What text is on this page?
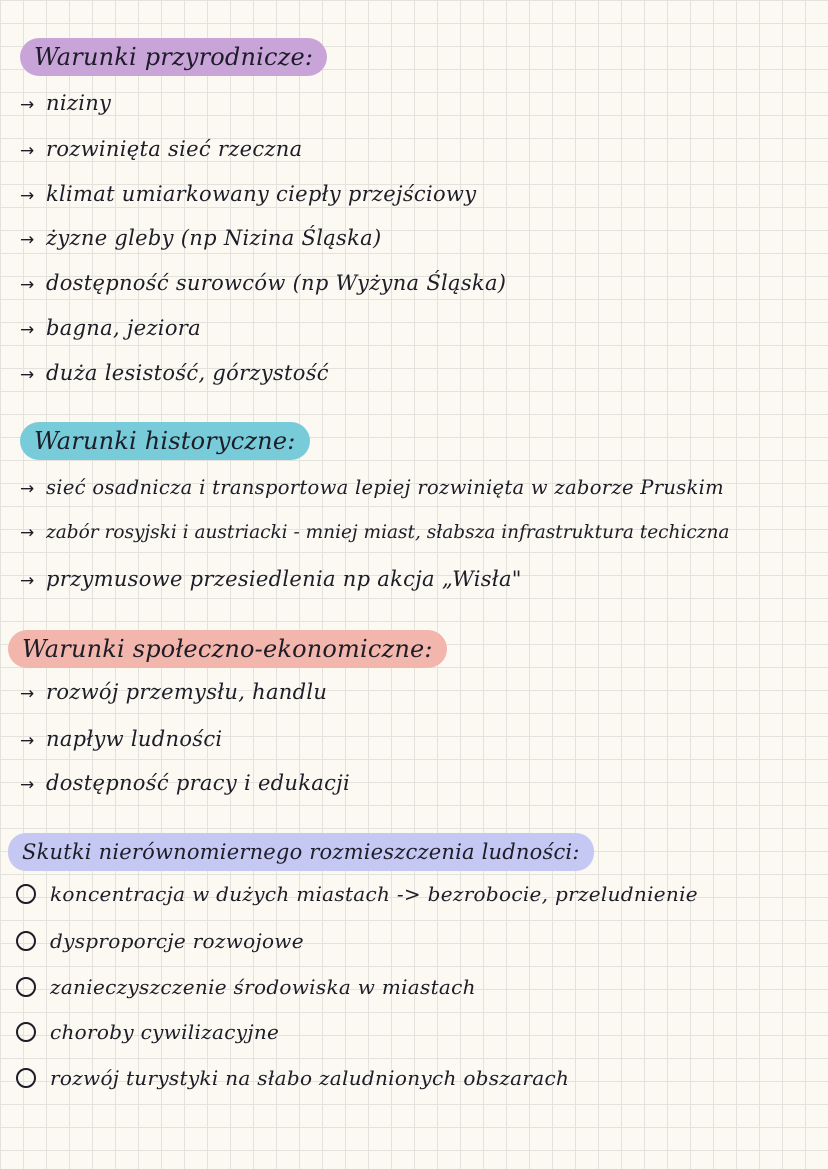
Warunki przyrodnicze:
→ niziny
→ rozwinięta sieć rzeczna
→ klimat umiarkowany ciepły przejściowy
→ żyzne gleby (np Nizina Śląska)
→ dostępność surowców (np Wyżyna Śląska)
→ bagna, jeziora
→ duża lesistość, górzystość
Warunki historyczne:
→ sieć osadnicza i transportowa lepiej rozwinięta w zaborze Pruskim
→ zabór rosyjski i austriacki - mniej miast, słabsza infrastruktura techiczna
→ przymusowe przesiedlenia np akcja „Wisła"
Warunki społeczno-ekonomiczne:
→ rozwój przemysłu, handlu
→ napływ ludności
→ dostępność pracy i edukacji
Skutki nierównomiernego rozmieszczenia ludności:
koncentracja w dużych miastach -> bezrobocie, przeludnienie
dysproporcje rozwojowe
zanieczyszczenie środowiska w miastach
choroby cywilizacyjne
rozwój turystyki na słabo zaludnionych obszarach
